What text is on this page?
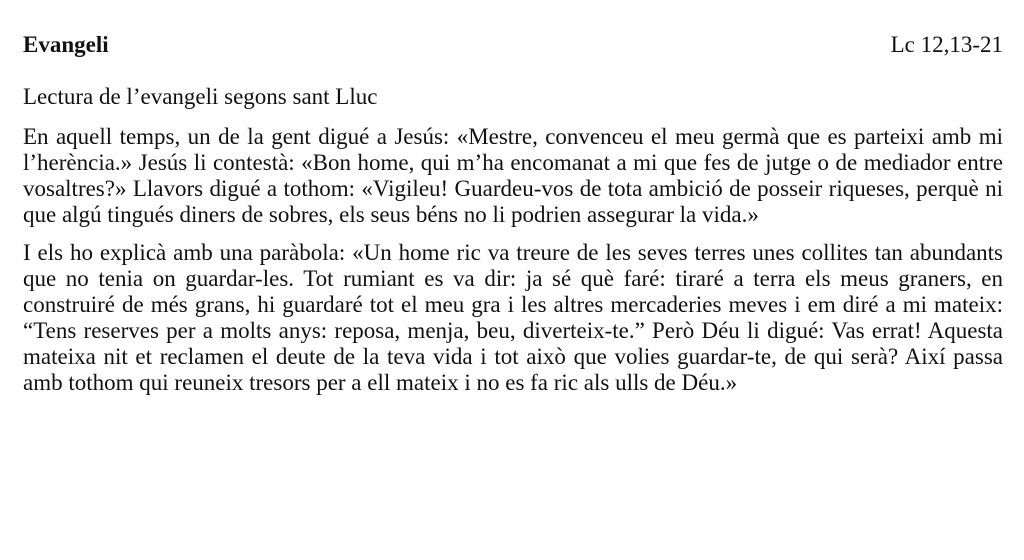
Evangeli	Lc 12,13-21
Lectura de l’evangeli segons sant Lluc

En aquell temps, un de la gent digué a Jesús: «Mestre, convenceu el meu germà que es parteixi amb mi l’herència.» Jesús li contestà: «Bon home, qui m’ha encomanat a mi que fes de jutge o de mediador entre vosaltres?» Llavors digué a tothom: «Vigileu! Guardeu-vos de tota ambició de posseir riqueses, perquè ni que algú tingués diners de sobres, els seus béns no li podrien assegurar la vida.»

I els ho explicà amb una paràbola: «Un home ric va treure de les seves terres unes collites tan abundants que no tenia on guardar-les. Tot rumiant es va dir: ja sé què faré: tiraré a terra els meus graners, en construiré de més grans, hi guardaré tot el meu gra i les altres mercaderies meves i em diré a mi mateix: “Tens reserves per a molts anys: reposa, menja, beu, diverteix-te.” Però Déu li digué: Vas errat! Aquesta mateixa nit et reclamen el deute de la teva vida i tot això que volies guardar-te, de qui serà? Així passa amb tothom qui reuneix tresors per a ell mateix i no es fa ric als ulls de Déu.»
